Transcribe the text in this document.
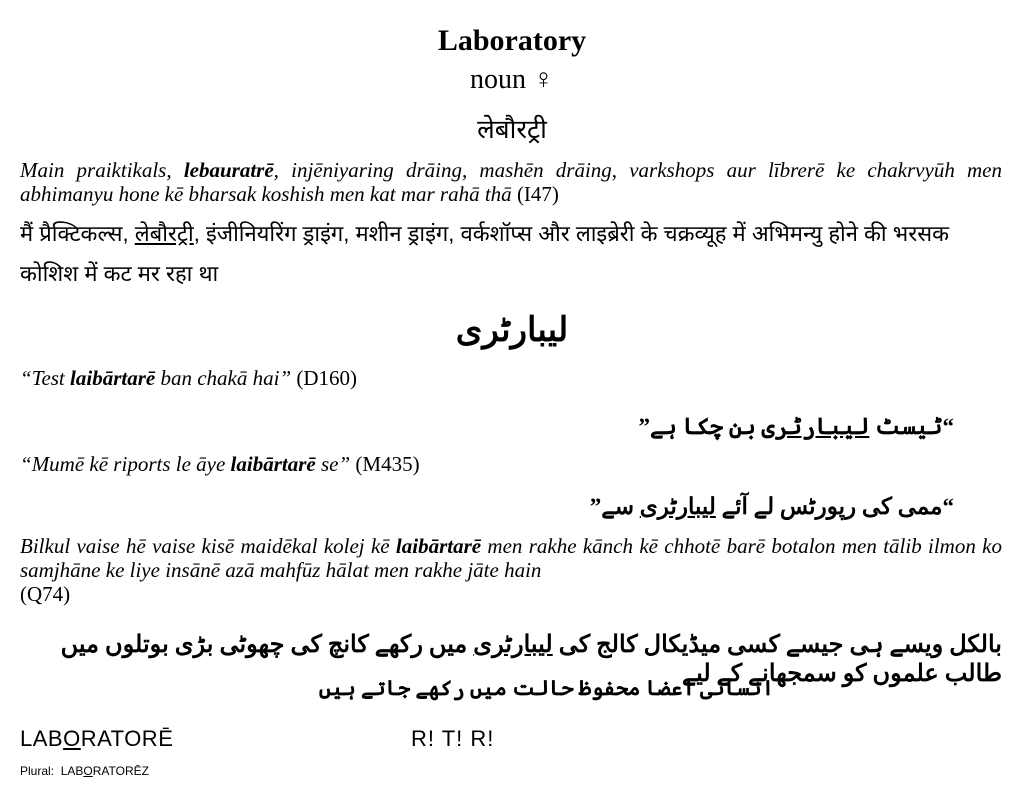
Laboratory
noun ♀
लेबौरट्री
Main praiktikals, lebauratrē, injēniyaring drāing, mashēn drāing, varkshops aur lībrerē ke chakrvyūh men abhimanyu hone kē bharsak koshish men kat mar rahā thā (I47)
मैं प्रैक्टिकल्स, लेबौरट्री, इंजीनियरिंग ड्राइंग, मशीन ड्राइंग, वर्कशॉप्स और लाइब्रेरी के चक्रव्यूह में अभिमन्यु होने की भरसक कोशिश में कट मर रहा था
ليبارٹری
“Test laibārtarē ban chakā hai” (D160)
“ٹیسٹ لیبارٹری بن چکا ہے”
“Mumē kē riports le āye laibārtarē se” (M435)
“ممی کی رپورٹس لے آئے لیبارٹری سے”
Bilkul vaise hē vaise kisē maidēkal kolej kē laibārtarē men rakhe kānch kē chhotē barē botalon men tālib ilmon ko samjhāne ke liye insānē azā mahfūz hālat men rakhe jāte hain
(Q74)
بالکل ویسے ہی جیسے کسی میڈیکال کالج کی لیبارٹری میں رکھے کانچ کی چھوٹی بڑی بوتلوں میں طالب علموں کو سمجھانے کے لیے
انسانی اعضا محفوظ حالت میں رکھے جاتے ہیں
LABORATORĒ	R! T! R!
Plural: LABORATORĒZ
